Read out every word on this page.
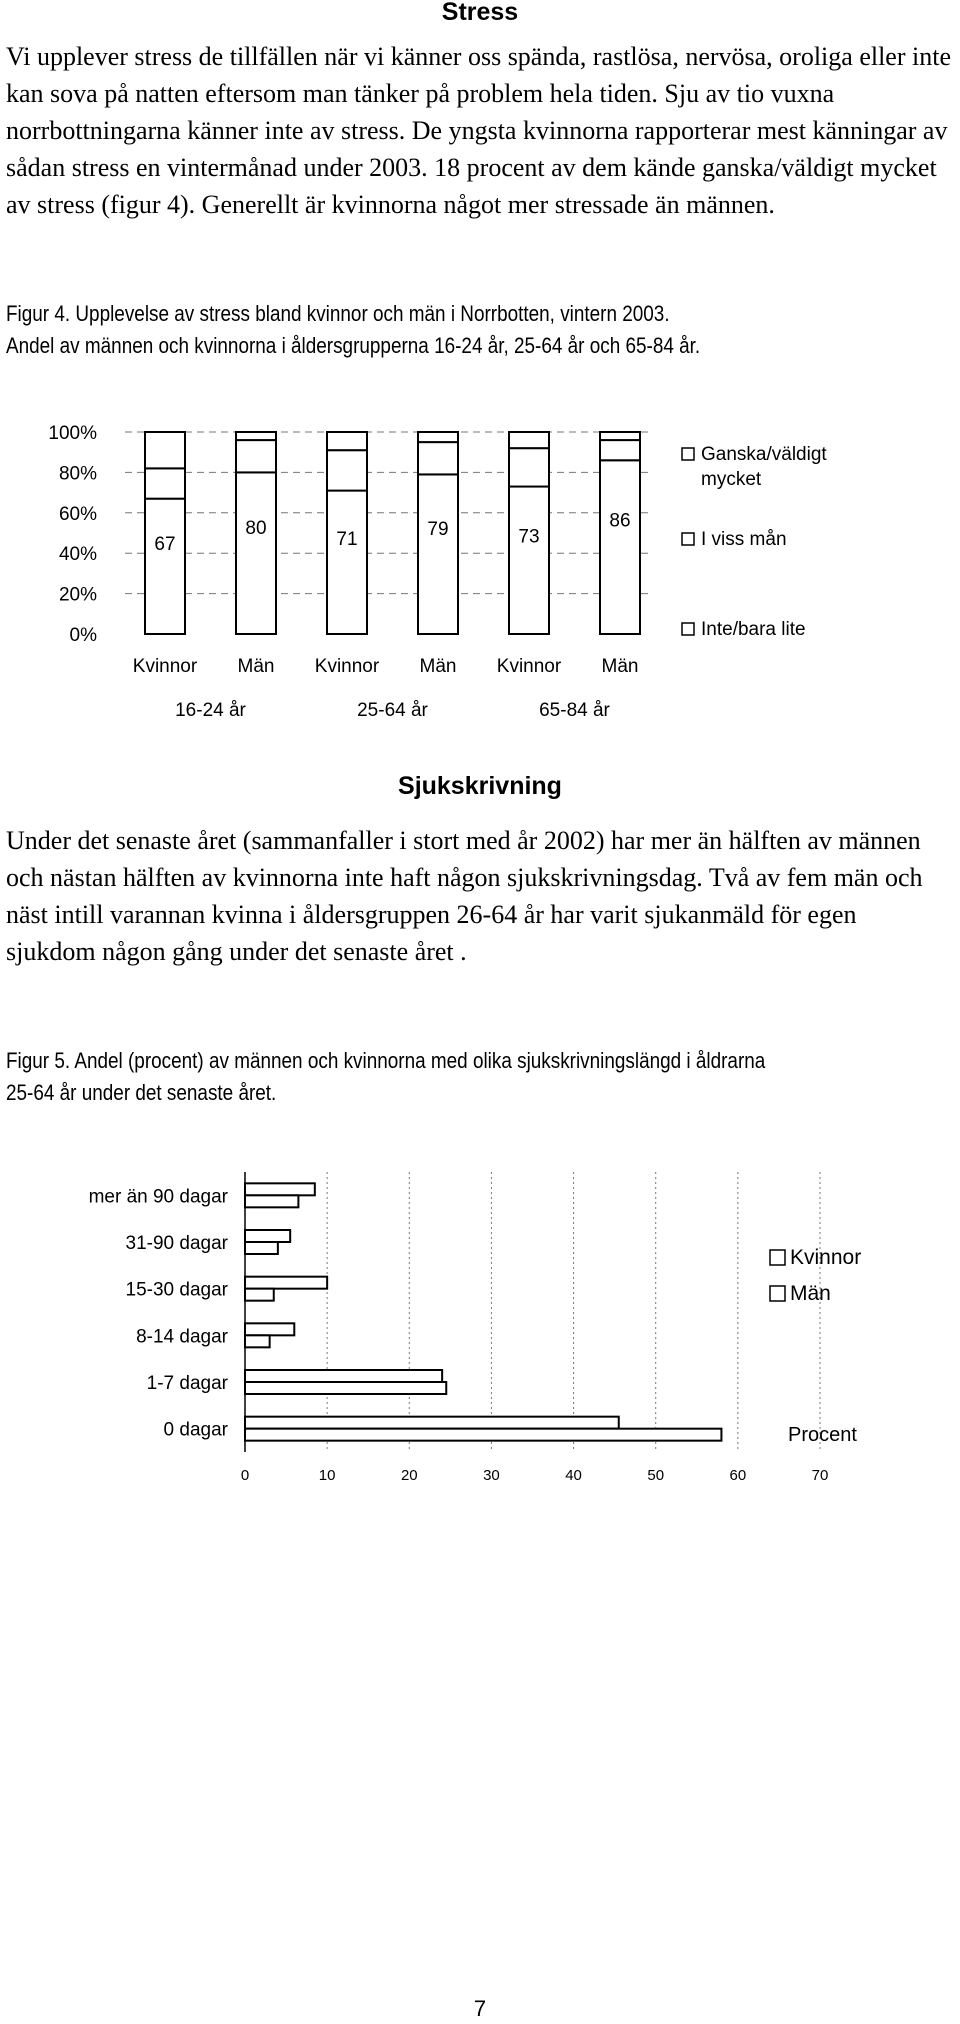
Stress
Vi upplever stress de tillfällen när vi känner oss spända, rastlösa, nervösa, oroliga eller inte kan sova på natten eftersom man tänker på problem hela tiden. Sju av tio vuxna norrbottningarna känner inte av stress. De yngsta kvinnorna rapporterar mest känningar av sådan stress en vintermånad under 2003. 18 procent av dem kände ganska/väldigt mycket av stress (figur 4). Generellt är kvinnorna något mer stressade än männen.
Figur 4. Upplevelse av stress bland kvinnor och män i Norrbotten, vintern 2003.
Andel av männen och kvinnorna i åldersgrupperna 16-24 år, 25-64 år och 65-84 år.
0%
20%
40%
60%
80%
100%
67
Kvinnor
80
Män
71
Kvinnor
79
Män
73
Kvinnor
86
Män
16-24 år	25-64 år	65-84 år
Ganska/väldigt
mycket
I viss mån
Inte/bara lite
Sjukskrivning
Under det senaste året (sammanfaller i stort med år 2002) har mer än hälften av männen och nästan hälften av kvinnorna inte haft någon sjukskrivningsdag. Två av fem män och näst intill varannan kvinna i åldersgruppen 26-64 år har varit sjukanmäld för egen sjukdom någon gång under det senaste året .
Figur 5. Andel (procent) av männen och kvinnorna med olika sjukskrivningslängd i åldrarna
25-64 år under det senaste året.
0	10	20	30	40	50	60	70
mer än 90 dagar
31-90 dagar
15-30 dagar
8-14 dagar
1-7 dagar
0 dagar
Kvinnor
Män
Procent
7
